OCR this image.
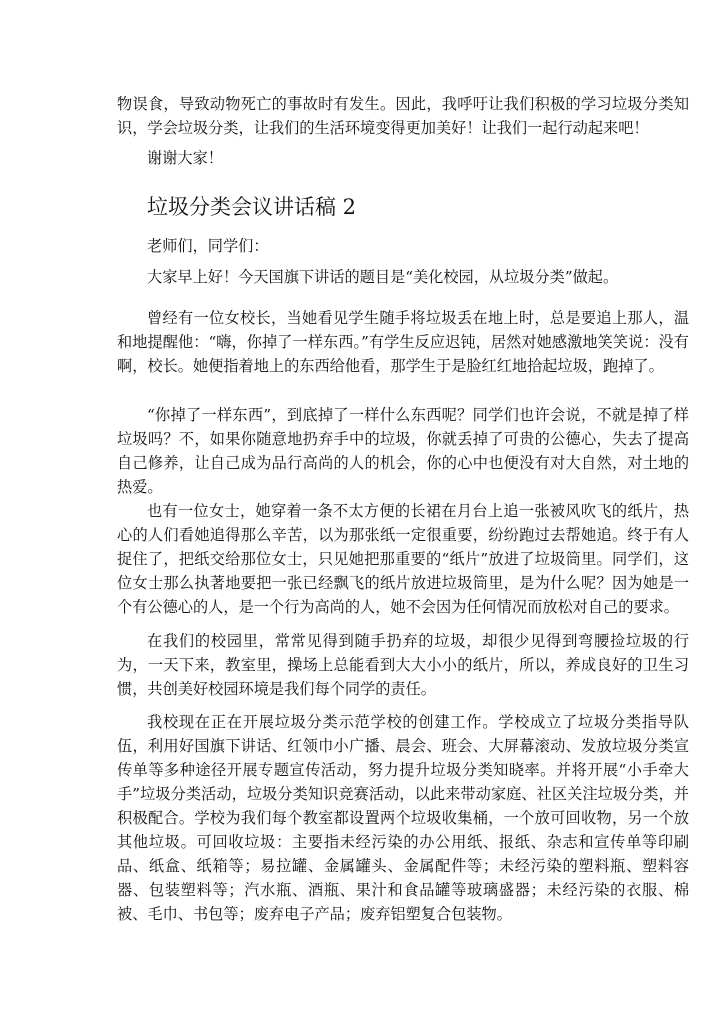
物误食，导致动物死亡的事故时有发生。因此，我呼吁让我们积极的学习垃圾分类知识，学会垃圾分类，让我们的生活环境变得更加美好！让我们一起行动起来吧！

谢谢大家！

垃圾分类会议讲话稿 2

老师们，同学们：

大家早上好！今天国旗下讲话的题目是“美化校园，从垃圾分类”做起。

曾经有一位女校长，当她看见学生随手将垃圾丢在地上时，总是要追上那人，温和地提醒他：“嗨，你掉了一样东西。”有学生反应迟钝，居然对她感激地笑笑说：没有啊，校长。她便指着地上的东西给他看，那学生于是脸红红地拾起垃圾，跑掉了。

“你掉了一样东西”，到底掉了一样什么东西呢？同学们也许会说，不就是掉了样垃圾吗？不，如果你随意地扔弃手中的垃圾，你就丢掉了可贵的公德心，失去了提高自己修养，让自己成为品行高尚的人的机会，你的心中也便没有对大自然，对土地的热爱。

也有一位女士，她穿着一条不太方便的长裙在月台上追一张被风吹飞的纸片，热心的人们看她追得那么辛苦，以为那张纸一定很重要，纷纷跑过去帮她追。终于有人捉住了，把纸交给那位女士，只见她把那重要的“纸片”放进了垃圾筒里。同学们，这位女士那么执著地要把一张已经飘飞的纸片放进垃圾筒里，是为什么呢？因为她是一个有公德心的人，是一个行为高尚的人，她不会因为任何情况而放松对自己的要求。

在我们的校园里，常常见得到随手扔弃的垃圾，却很少见得到弯腰捡垃圾的行为，一天下来，教室里，操场上总能看到大大小小的纸片，所以，养成良好的卫生习惯，共创美好校园环境是我们每个同学的责任。

我校现在正在开展垃圾分类示范学校的创建工作。学校成立了垃圾分类指导队伍，利用好国旗下讲话、红领巾小广播、晨会、班会、大屏幕滚动、发放垃圾分类宣传单等多种途径开展专题宣传活动，努力提升垃圾分类知晓率。并将开展“小手牵大手”垃圾分类活动，垃圾分类知识竞赛活动，以此来带动家庭、社区关注垃圾分类，并积极配合。学校为我们每个教室都设置两个垃圾收集桶，一个放可回收物，另一个放其他垃圾。可回收垃圾：主要指未经污染的办公用纸、报纸、杂志和宣传单等印刷品、纸盒、纸箱等；易拉罐、金属罐头、金属配件等；未经污染的塑料瓶、塑料容器、包装塑料等；汽水瓶、酒瓶、果汁和食品罐等玻璃盛器；未经污染的衣服、棉被、毛巾、书包等；废弃电子产品；废弃铝塑复合包装物。
